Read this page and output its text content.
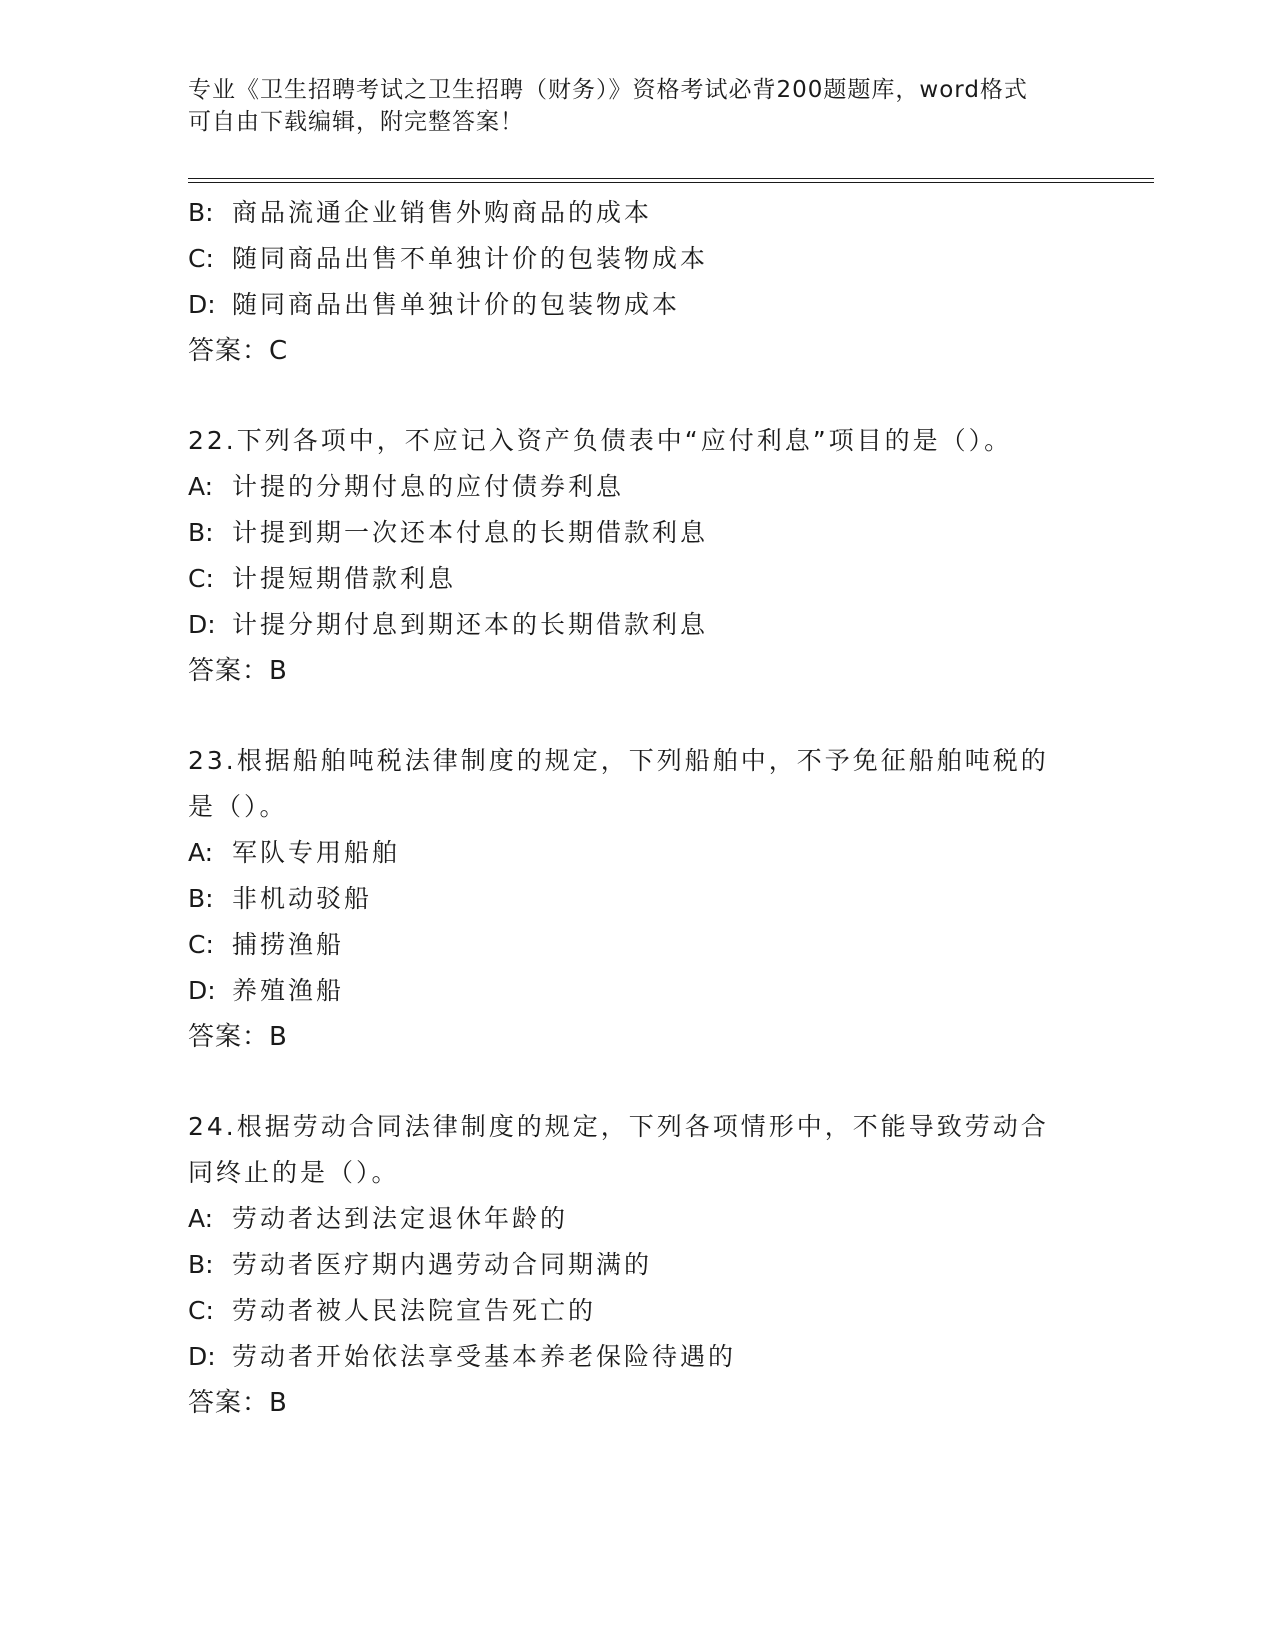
专业《卫生招聘考试之卫生招聘（财务）》资格考试必背200题题库，word格式
可自由下载编辑，附完整答案！
B: 商品流通企业销售外购商品的成本
C: 随同商品出售不单独计价的包装物成本
D: 随同商品出售单独计价的包装物成本
答案：C
22.下列各项中，不应记入资产负债表中“应付利息”项目的是（）。
A: 计提的分期付息的应付债券利息
B: 计提到期一次还本付息的长期借款利息
C: 计提短期借款利息
D: 计提分期付息到期还本的长期借款利息
答案：B
23.根据船舶吨税法律制度的规定，下列船舶中，不予免征船舶吨税的是（）。
A: 军队专用船舶
B: 非机动驳船
C: 捕捞渔船
D: 养殖渔船
答案：B
24.根据劳动合同法律制度的规定，下列各项情形中，不能导致劳动合同终止的是（）。
A: 劳动者达到法定退休年龄的
B: 劳动者医疗期内遇劳动合同期满的
C: 劳动者被人民法院宣告死亡的
D: 劳动者开始依法享受基本养老保险待遇的
答案：B
